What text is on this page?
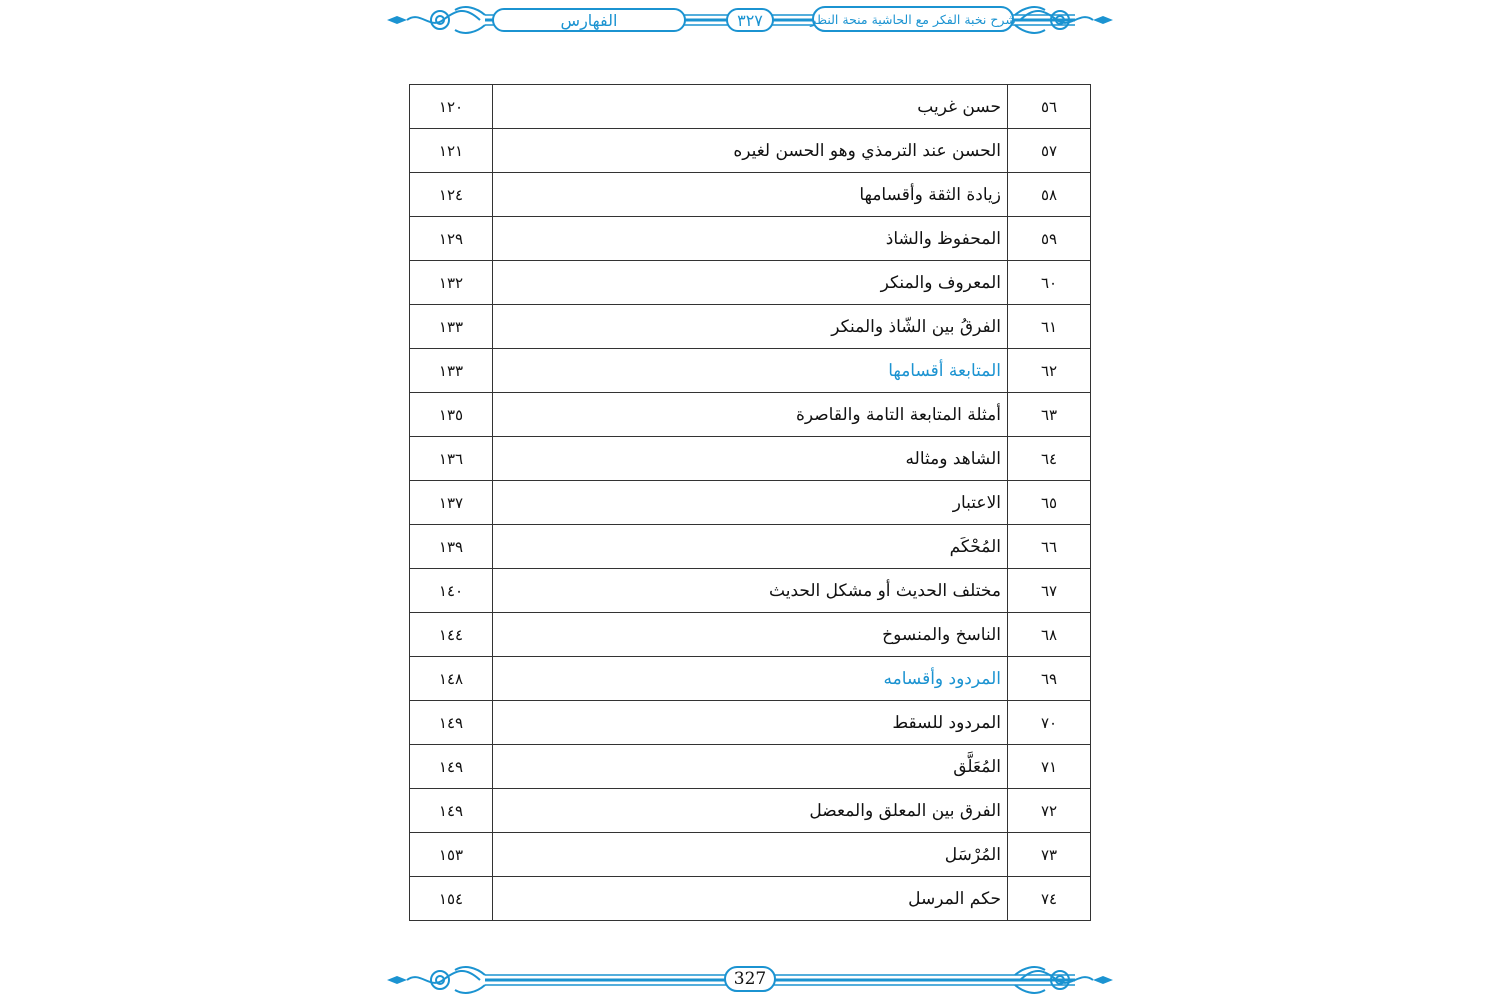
الفهارس	٣٢٧	شرح نخبة الفكر مع الحاشية منحة النظر
٥٦	حسن غريب	١٢٠
٥٧	الحسن عند الترمذي وهو الحسن لغيره	١٢١
٥٨	زيادة الثقة وأقسامها	١٢٤
٥٩	المحفوظ والشاذ	١٢٩
٦٠	المعروف والمنكر	١٣٢
٦١	الفرقُ بين الشّاذ والمنكر	١٣٣
٦٢	المتابعة أقسامها	١٣٣
٦٣	أمثلة المتابعة التامة والقاصرة	١٣٥
٦٤	الشاهد ومثاله	١٣٦
٦٥	الاعتبار	١٣٧
٦٦	المُحْكَم	١٣٩
٦٧	مختلف الحديث أو مشكل الحديث	١٤٠
٦٨	الناسخ والمنسوخ	١٤٤
٦٩	المردود وأقسامه	١٤٨
٧٠	المردود للسقط	١٤٩
٧١	المُعَلَّق	١٤٩
٧٢	الفرق بين المعلق والمعضل	١٤٩
٧٣	المُرْسَل	١٥٣
٧٤	حكم المرسل	١٥٤
327
